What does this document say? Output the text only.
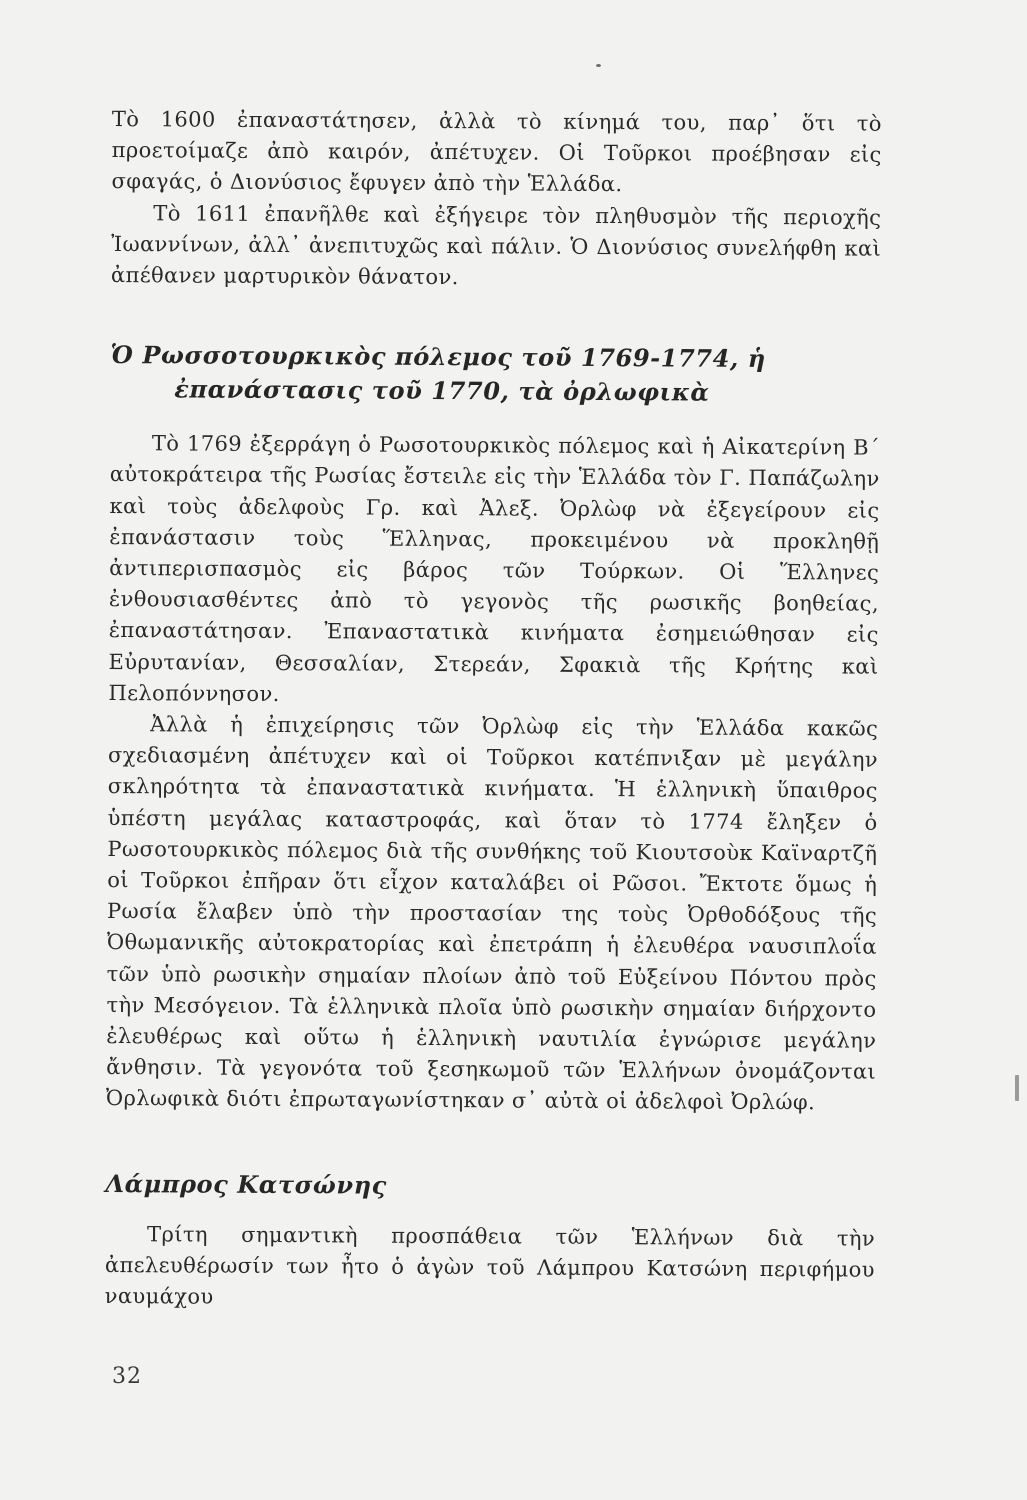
Τὸ 1600 ἐπαναστάτησεν, ἀλλὰ τὸ κίνημά του, παρ᾽ ὅτι τὸ προετοίμαζε ἀπὸ καιρόν, ἀπέτυχεν. Οἱ Τοῦρκοι προέβησαν εἰς σφαγάς, ὁ Διονύσιος ἔφυγεν ἀπὸ τὴν Ἑλλάδα.

Τὸ 1611 ἐπανῆλθε καὶ ἐξήγειρε τὸν πληθυσμὸν τῆς περιοχῆς Ἰωαννίνων, ἀλλ᾽ ἀνεπιτυχῶς καὶ πάλιν. Ὁ Διονύσιος συνελήφθη καὶ ἀπέθανεν μαρτυρικὸν θάνατον.

Ὁ Ρωσσοτουρκικὸς πόλεμος τοῦ 1769-1774, ἡ ἐπανάστασις τοῦ 1770, τὰ ὀρλωφικὰ

Τὸ 1769 ἐξερράγη ὁ Ρωσοτουρκικὸς πόλεμος καὶ ἡ Αἰκατερίνη Β΄ αὐτοκράτειρα τῆς Ρωσίας ἔστειλε εἰς τὴν Ἑλλάδα τὸν Γ. Παπάζωλην καὶ τοὺς ἀδελφοὺς Γρ. καὶ Ἀλεξ. Ὀρλὼφ νὰ ἐξεγείρουν εἰς ἐπανάστασιν τοὺς Ἕλληνας, προκειμένου νὰ προκληθῇ ἀντιπερισπασμὸς εἰς βάρος τῶν Τούρκων. Οἱ Ἕλληνες ἐνθουσιασθέντες ἀπὸ τὸ γεγονὸς τῆς ρωσικῆς βοηθείας, ἐπαναστάτησαν. Ἐπαναστατικὰ κινήματα ἐσημειώθησαν εἰς Εὐρυτανίαν, Θεσσαλίαν, Στερεάν, Σφακιὰ τῆς Κρήτης καὶ Πελοπόννησον.

Ἀλλὰ ἡ ἐπιχείρησις τῶν Ὀρλὼφ εἰς τὴν Ἑλλάδα κακῶς σχεδιασμένη ἀπέτυχεν καὶ οἱ Τοῦρκοι κατέπνιξαν μὲ μεγάλην σκληρότητα τὰ ἐπαναστατικὰ κινήματα. Ἡ ἑλληνικὴ ὕπαιθρος ὑπέστη μεγάλας καταστροφάς, καὶ ὅταν τὸ 1774 ἔληξεν ὁ Ρωσοτουρκικὸς πόλεμος διὰ τῆς συνθήκης τοῦ Κιουτσοὺκ Καϊναρτζῆ οἱ Τοῦρκοι ἐπῆραν ὅτι εἶχον καταλάβει οἱ Ρῶσοι. Ἔκτοτε ὅμως ἡ Ρωσία ἔλαβεν ὑπὸ τὴν προστασίαν της τοὺς Ὀρθοδόξους τῆς Ὀθωμανικῆς αὐτοκρατορίας καὶ ἐπετράπη ἡ ἐλευθέρα ναυσιπλοΐα τῶν ὑπὸ ρωσικὴν σημαίαν πλοίων ἀπὸ τοῦ Εὐξείνου Πόντου πρὸς τὴν Μεσόγειον. Τὰ ἑλληνικὰ πλοῖα ὑπὸ ρωσικὴν σημαίαν διήρχοντο ἐλευθέρως καὶ οὕτω ἡ ἑλληνικὴ ναυτιλία ἐγνώρισε μεγάλην ἄνθησιν. Τὰ γεγονότα τοῦ ξεσηκωμοῦ τῶν Ἑλλήνων ὀνομάζονται Ὀρλωφικὰ διότι ἐπρωταγωνίστηκαν σ᾽ αὐτὰ οἱ ἀδελφοὶ Ὀρλώφ.

Λάμπρος Κατσώνης

Τρίτη σημαντικὴ προσπάθεια τῶν Ἑλλήνων διὰ τὴν ἀπελευθέρωσίν των ἦτο ὁ ἀγὼν τοῦ Λάμπρου Κατσώνη περιφήμου ναυμάχου

32
